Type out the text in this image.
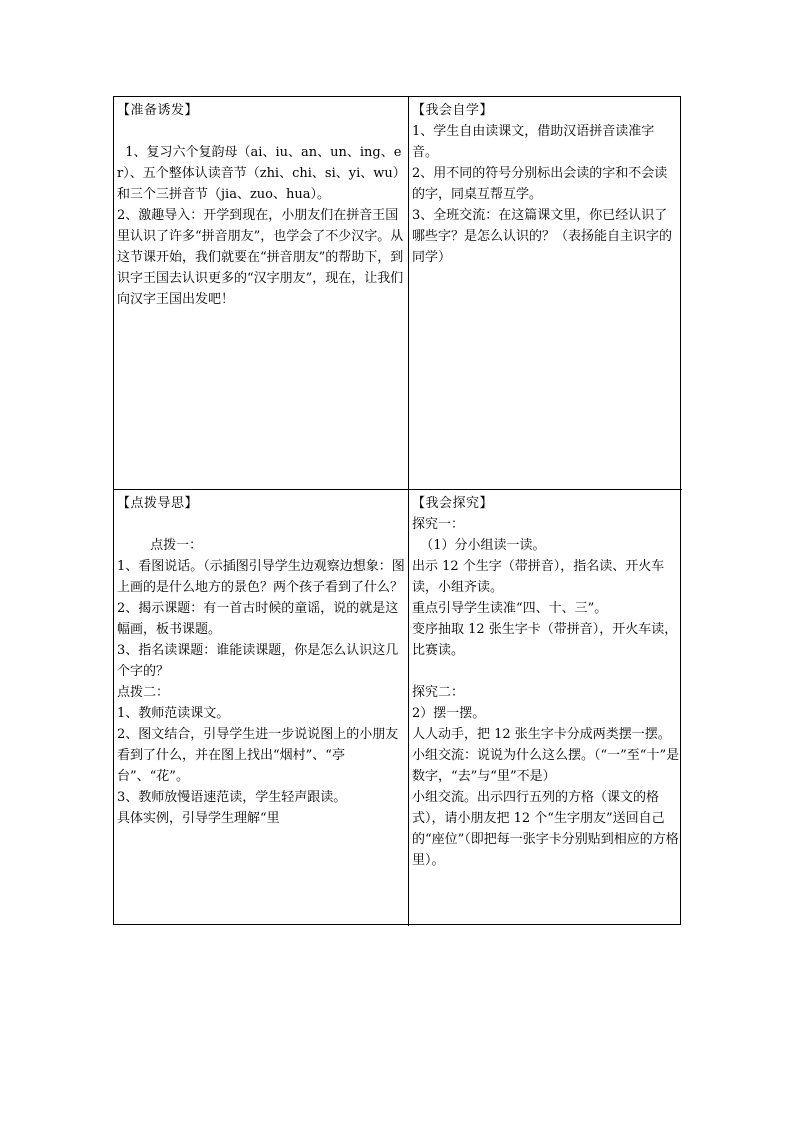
【准备诱发】

1、复习六个复韵母（ai、iu、an、un、ing、er）、五个整体认读音节（zhi、chi、si、yi、wu）和三个三拼音节（jia、zuo、hua）。

2、激趣导入：开学到现在，小朋友们在拼音王国里认识了许多“拼音朋友”，也学会了不少汉字。从这节课开始，我们就要在“拼音朋友”的帮助下，到识字王国去认识更多的“汉字朋友”，现在，让我们向汉字王国出发吧！

【我会自学】

1、学生自由读课文，借助汉语拼音读准字音。

2、用不同的符号分别标出会读的字和不会读的字，同桌互帮互学。

3、全班交流：在这篇课文里，你已经认识了哪些字？是怎么认识的？（表扬能自主识字的同学）

【点拨导思】

点拨一：

1、看图说话。（示插图引导学生边观察边想象：图上画的是什么地方的景色？两个孩子看到了什么？

2、揭示课题：有一首古时候的童谣，说的就是这幅画，板书课题。

3、指名读课题：谁能读课题，你是怎么认识这几个字的？

点拨二：

1、教师范读课文。

2、图文结合，引导学生进一步说说图上的小朋友看到了什么，并在图上找出“烟村”、“亭台”、“花”。

3、教师放慢语速范读，学生轻声跟读。

具体实例，引导学生理解“里

【我会探究】

探究一：

（1）分小组读一读。

出示 12 个生字（带拼音），指名读、开火车读，小组齐读。

重点引导学生读准“四、十、三”。

变序抽取 12 张生字卡（带拼音），开火车读，比赛读。

探究二：

2）摆一摆。

人人动手，把 12 张生字卡分成两类摆一摆。

小组交流：说说为什么这么摆。（“一”至“十”是数字，“去”与“里”不是）

小组交流。出示四行五列的方格（课文的格式），请小朋友把 12 个“生字朋友”送回自己的“座位”（即把每一张字卡分别贴到相应的方格里）。
